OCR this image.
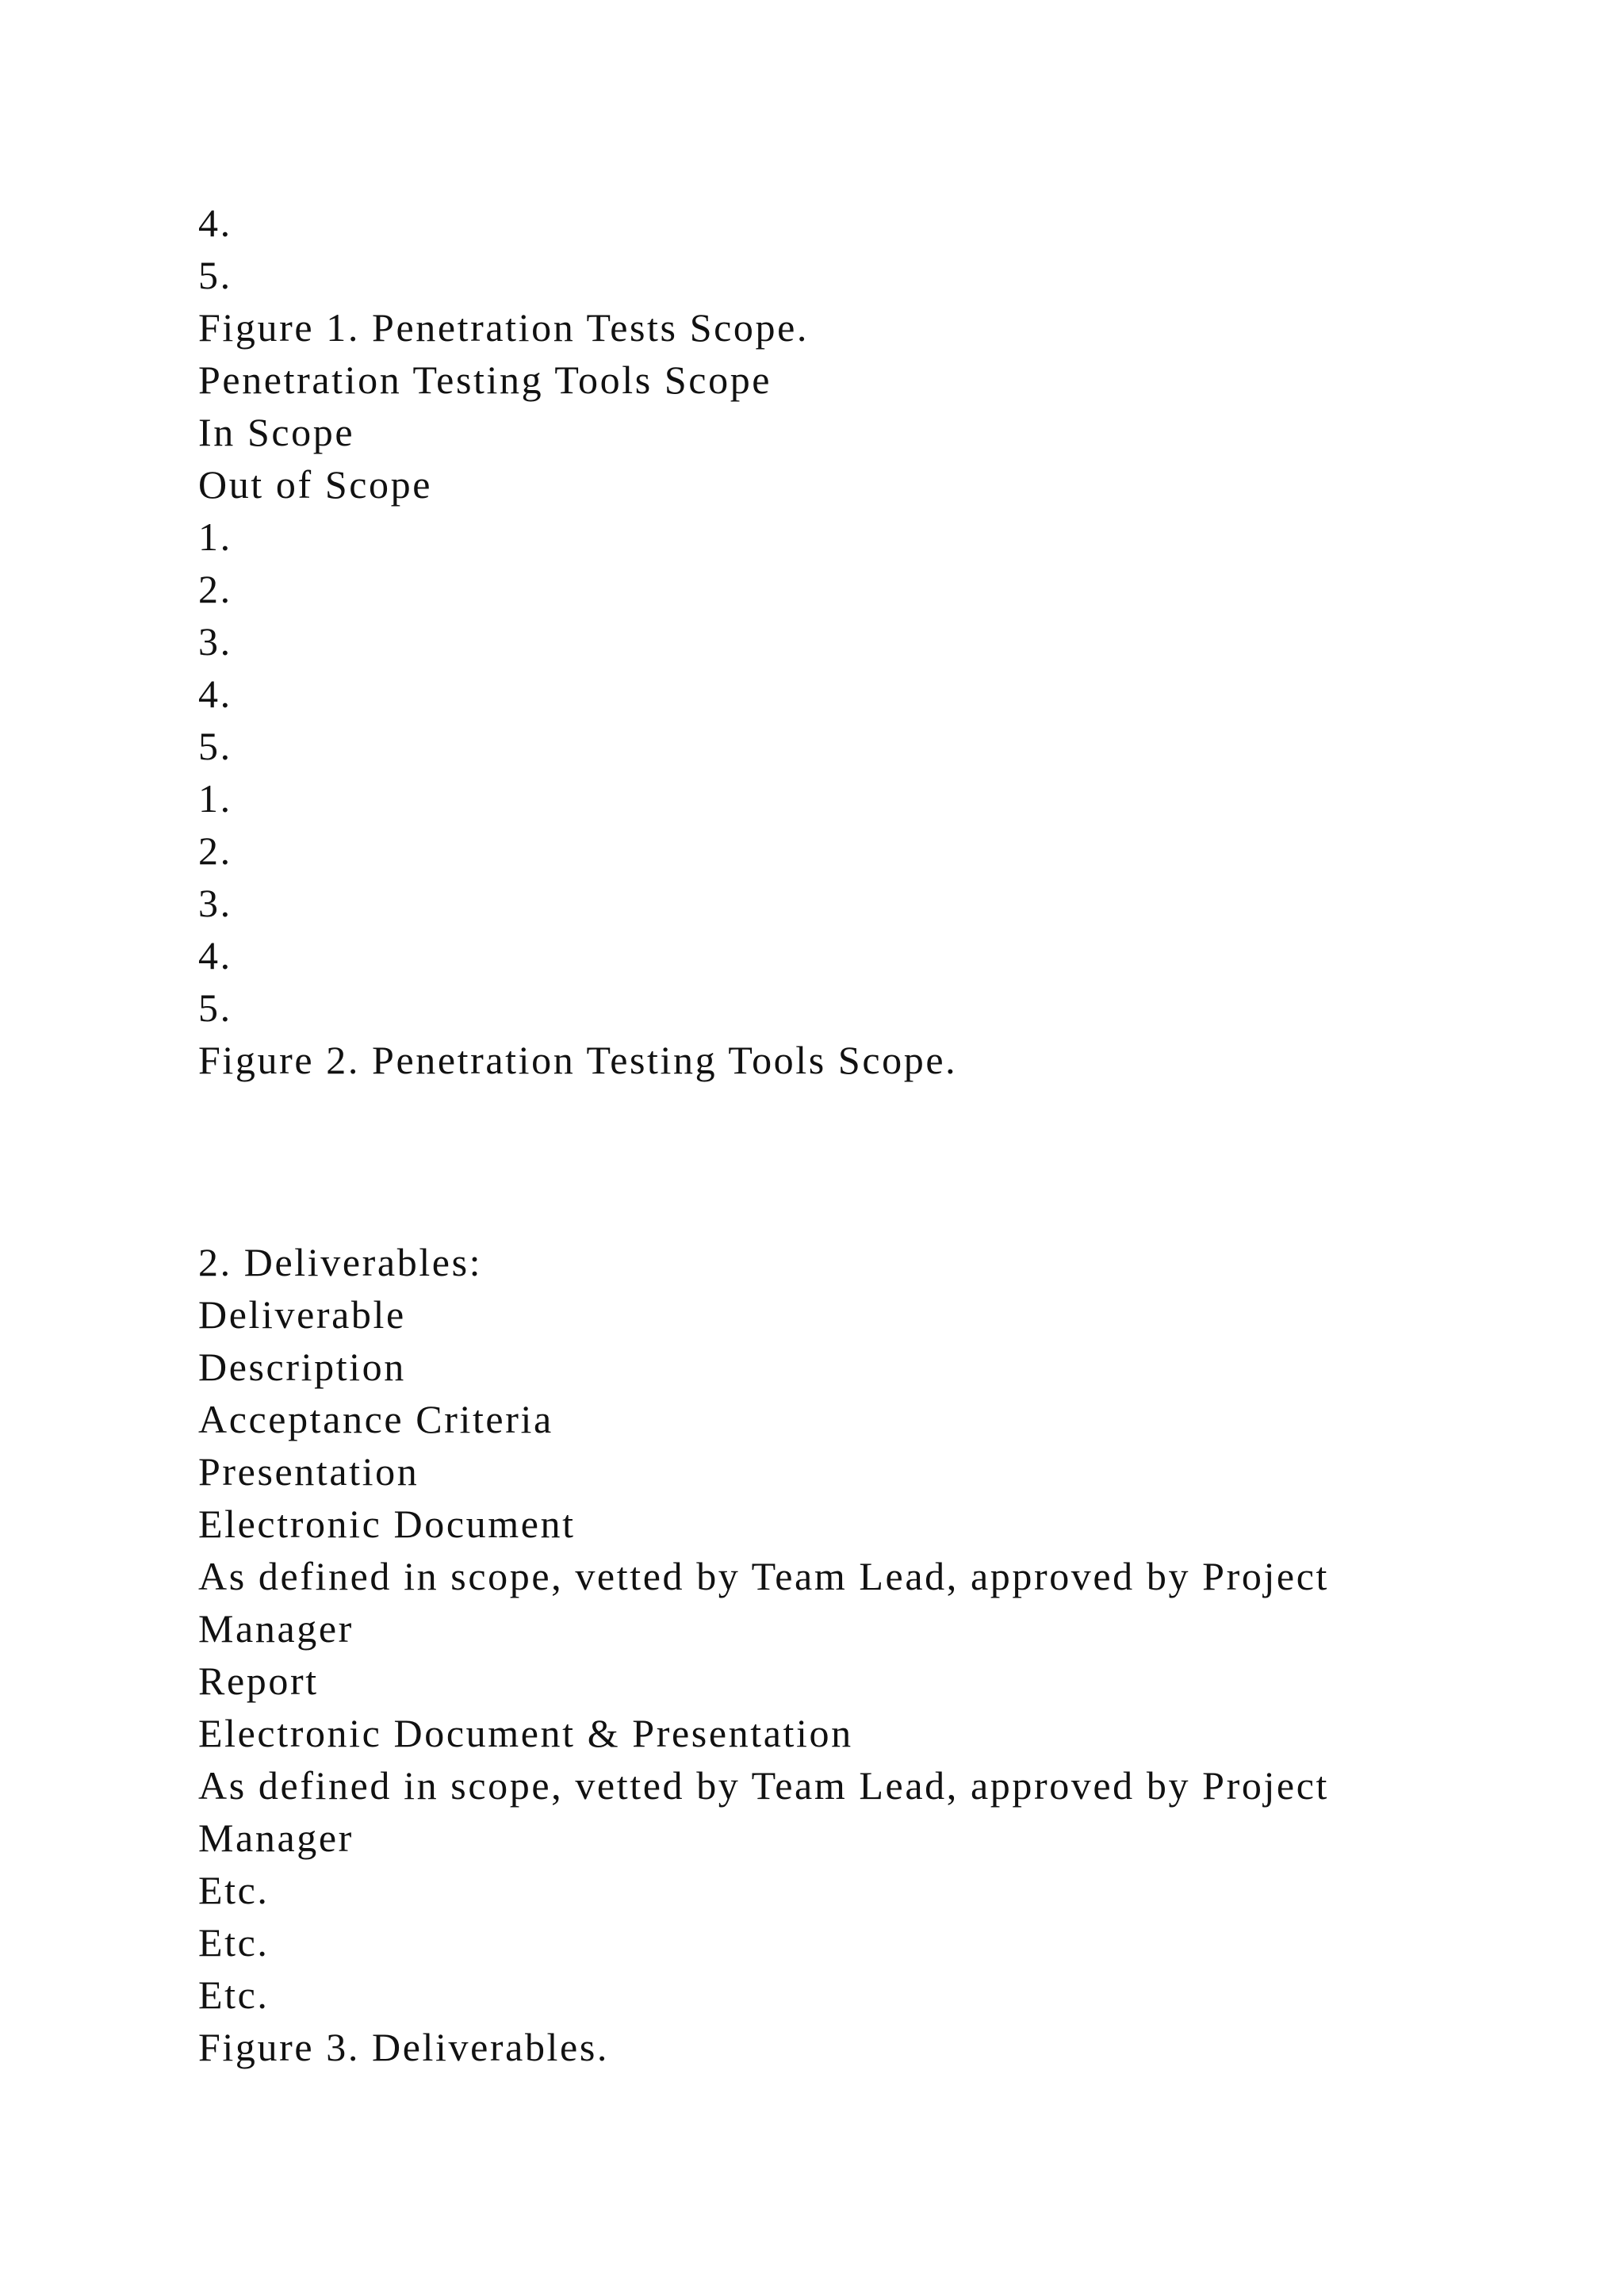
4.
5.
Figure 1. Penetration Tests Scope.
Penetration Testing Tools Scope
In Scope
Out of Scope
1.
2.
3.
4.
5.
1.
2.
3.
4.
5.
Figure 2. Penetration Testing Tools Scope.
2. Deliverables:
Deliverable
Description
Acceptance Criteria
Presentation
Electronic Document
As defined in scope, vetted by Team Lead, approved by Project
Manager
Report
Electronic Document & Presentation
As defined in scope, vetted by Team Lead, approved by Project
Manager
Etc.
Etc.
Etc.
Figure 3. Deliverables.
